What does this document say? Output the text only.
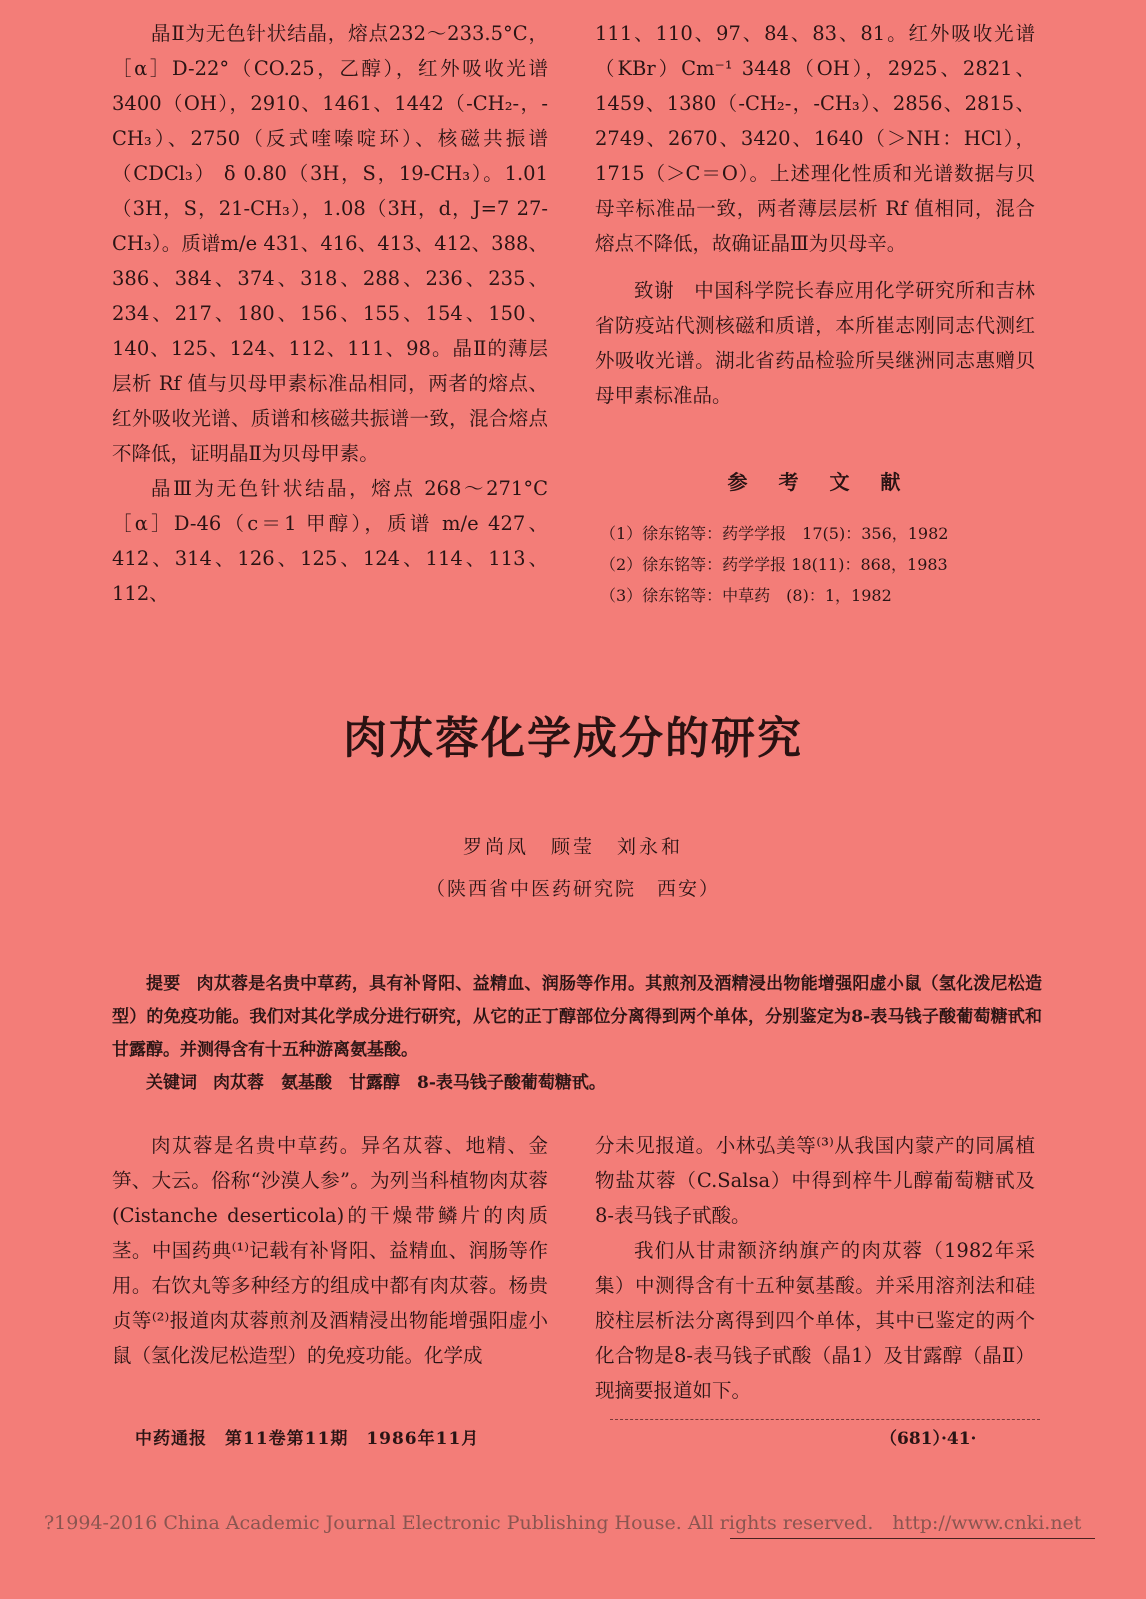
晶Ⅱ为无色针状结晶，熔点232～233.5°C，［α］D-22°（CO.25，乙醇），红外吸收光谱3400（OH），2910、1461、1442（-CH₂-，-CH₃）、2750（反式喹嗪啶环）、核磁共振谱（CDCl₃） δ 0.80（3H，S，19-CH₃）。1.01（3H，S，21-CH₃），1.08（3H，d，J=7 27-CH₃）。质谱m/e 431、416、413、412、388、386、384、374、318、288、236、235、234、217、180、156、155、154、150、140、125、124、112、111、98。晶Ⅱ的薄层层析 Rf 值与贝母甲素标准品相同，两者的熔点、红外吸收光谱、质谱和核磁共振谱一致，混合熔点不降低，证明晶Ⅱ为贝母甲素。

晶Ⅲ为无色针状结晶，熔点 268～271°C ［α］D-46（c＝1 甲醇），质谱 m/e 427、412、314、126、125、124、114、113、112、

111、110、97、84、83、81。红外吸收光谱（KBr）Cm⁻¹ 3448（OH），2925、2821、1459、1380（-CH₂-，-CH₃）、2856、2815、2749、2670、3420、1640（＞NH：HCl），1715（＞C＝O）。上述理化性质和光谱数据与贝母辛标准品一致，两者薄层层析 Rf 值相同，混合熔点不降低，故确证晶Ⅲ为贝母辛。

致谢　中国科学院长春应用化学研究所和吉林省防疫站代测核磁和质谱，本所崔志刚同志代测红外吸收光谱。湖北省药品检验所吴继洲同志惠赠贝母甲素标准品。

参 考 文 献
（1）徐东铭等：药学学报　17(5)：356，1982
（2）徐东铭等：药学学报 18(11)：868，1983
（3）徐东铭等：中草药　(8)：1，1982
肉苁蓉化学成分的研究
罗尚凤　顾莹　刘永和
（陕西省中医药研究院　西安）

提要 肉苁蓉是名贵中草药，具有补肾阳、益精血、润肠等作用。其煎剂及酒精浸出物能增强阳虚小鼠（氢化泼尼松造型）的免疫功能。我们对其化学成分进行研究，从它的正丁醇部位分离得到两个单体，分别鉴定为8-表马钱子酸葡萄糖甙和甘露醇。并测得含有十五种游离氨基酸。

关键词 肉苁蓉　氨基酸　甘露醇　8-表马钱子酸葡萄糖甙。

肉苁蓉是名贵中草药。异名苁蓉、地精、金笋、大云。俗称“沙漠人参”。为列当科植物肉苁蓉(Cistanche deserticola)的干燥带鳞片的肉质茎。中国药典⁽¹⁾记载有补肾阳、益精血、润肠等作用。右饮丸等多种经方的组成中都有肉苁蓉。杨贵贞等⁽²⁾报道肉苁蓉煎剂及酒精浸出物能增强阳虚小鼠（氢化泼尼松造型）的免疫功能。化学成

分未见报道。小林弘美等⁽³⁾从我国内蒙产的同属植物盐苁蓉（C.Salsa）中得到梓牛儿醇葡萄糖甙及8-表马钱子甙酸。

我们从甘肃额济纳旗产的肉苁蓉（1982年采集）中测得含有十五种氨基酸。并采用溶剂法和硅胶柱层析法分离得到四个单体，其中已鉴定的两个化合物是8-表马钱子甙酸（晶1）及甘露醇（晶Ⅱ）现摘要报道如下。

中药通报　第11卷第11期　1986年11月	（681）·41·
?1994-2016 China Academic Journal Electronic Publishing House. All rights reserved.　http://www.cnki.net
